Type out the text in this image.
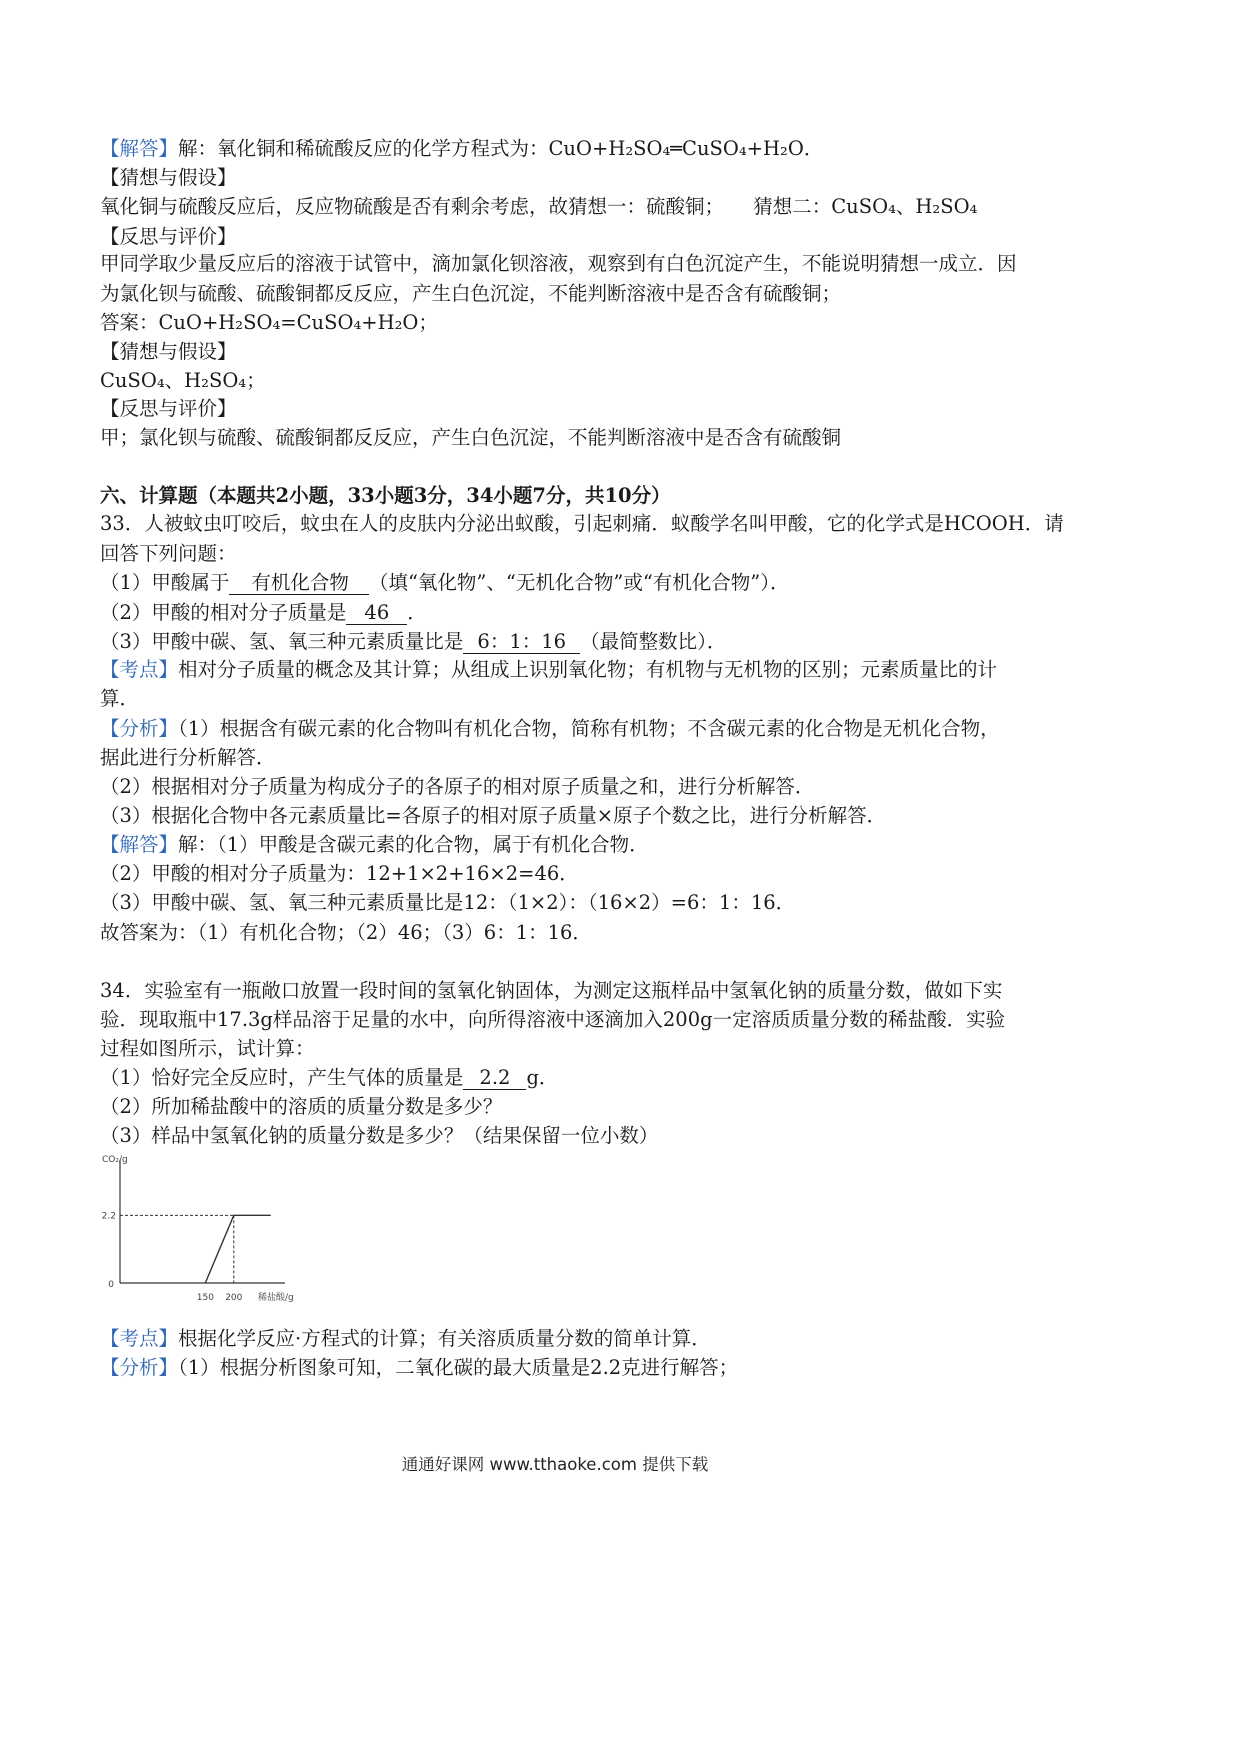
【解答】解：氧化铜和稀硫酸反应的化学方程式为：CuO+H₂SO₄═CuSO₄+H₂O．
【猜想与假设】
氧化铜与硫酸反应后，反应物硫酸是否有剩余考虑，故猜想一：硫酸铜；　　猜想二：CuSO₄、H₂SO₄
【反思与评价】
甲同学取少量反应后的溶液于试管中，滴加氯化钡溶液，观察到有白色沉淀产生，不能说明猜想一成立．因
为氯化钡与硫酸、硫酸铜都反反应，产生白色沉淀，不能判断溶液中是否含有硫酸铜；
答案：CuO+H₂SO₄=CuSO₄+H₂O；
【猜想与假设】
CuSO₄、H₂SO₄；
【反思与评价】
甲；氯化钡与硫酸、硫酸铜都反反应，产生白色沉淀，不能判断溶液中是否含有硫酸铜
六、计算题（本题共2小题，33小题3分，34小题7分，共10分）
33．人被蚊虫叮咬后，蚊虫在人的皮肤内分泌出蚁酸，引起刺痛．蚁酸学名叫甲酸，它的化学式是HCOOH．请
回答下列问题：
（1）甲酸属于 有机化合物 （填“氧化物”、“无机化合物”或“有机化合物”）．
（2）甲酸的相对分子质量是 46 ．
（3）甲酸中碳、氢、氧三种元素质量比是 6：1：16 （最简整数比）．
【考点】相对分子质量的概念及其计算；从组成上识别氧化物；有机物与无机物的区别；元素质量比的计
算．
【分析】（1）根据含有碳元素的化合物叫有机化合物，简称有机物；不含碳元素的化合物是无机化合物，
据此进行分析解答．
（2）根据相对分子质量为构成分子的各原子的相对原子质量之和，进行分析解答．
（3）根据化合物中各元素质量比=各原子的相对原子质量×原子个数之比，进行分析解答．
【解答】解：（1）甲酸是含碳元素的化合物，属于有机化合物．
（2）甲酸的相对分子质量为：12+1×2+16×2=46．
（3）甲酸中碳、氢、氧三种元素质量比是12：（1×2）：（16×2）=6：1：16．
故答案为：（1）有机化合物；（2）46；（3）6：1：16．
34．实验室有一瓶敞口放置一段时间的氢氧化钠固体，为测定这瓶样品中氢氧化钠的质量分数，做如下实
验．现取瓶中17.3g样品溶于足量的水中，向所得溶液中逐滴加入200g一定溶质质量分数的稀盐酸．实验
过程如图所示，试计算：
（1）恰好完全反应时，产生气体的质量是 2.2 g．
（2）所加稀盐酸中的溶质的质量分数是多少？
（3）样品中氢氧化钠的质量分数是多少？（结果保留一位小数）
CO₂/g
稀盐酸/g
150 200
2.2
0
【考点】根据化学反应·方程式的计算；有关溶质质量分数的简单计算．
【分析】（1）根据分析图象可知，二氧化碳的最大质量是2.2克进行解答；
通通好课网 www.tthaoke.com 提供下载
